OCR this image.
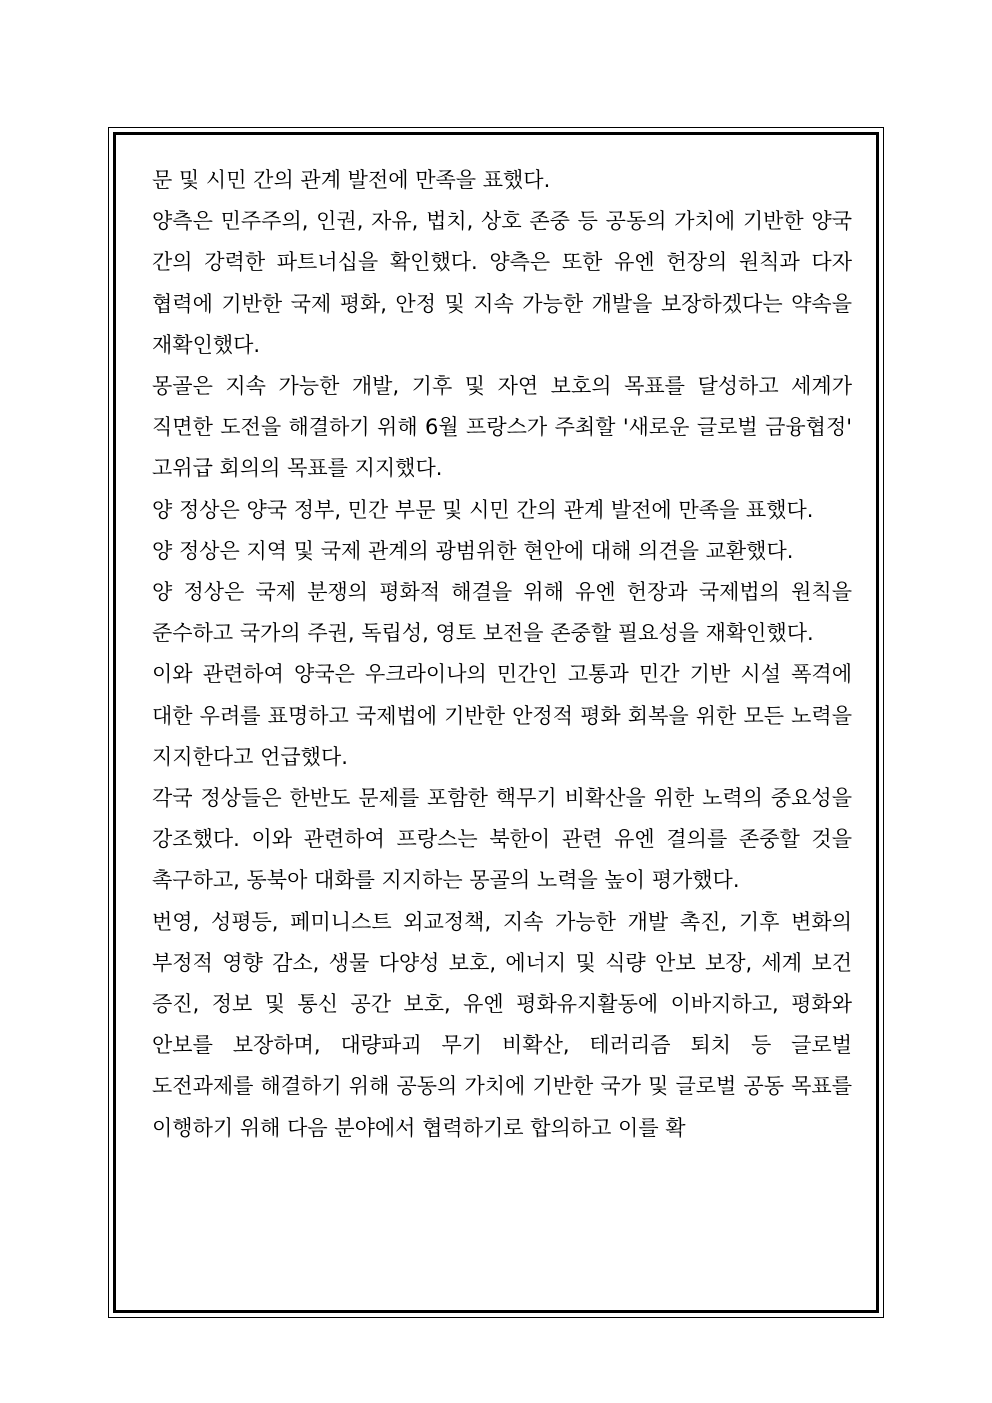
문 및 시민 간의 관계 발전에 만족을 표했다.

양측은 민주주의, 인권, 자유, 법치, 상호 존중 등 공동의 가치에 기반한 양국 간의 강력한 파트너십을 확인했다. 양측은 또한 유엔 헌장의 원칙과 다자 협력에 기반한 국제 평화, 안정 및 지속 가능한 개발을 보장하겠다는 약속을 재확인했다.

몽골은 지속 가능한 개발, 기후 및 자연 보호의 목표를 달성하고 세계가 직면한 도전을 해결하기 위해 6월 프랑스가 주최할 '새로운 글로벌 금융협정' 고위급 회의의 목표를 지지했다.

양 정상은 양국 정부, 민간 부문 및 시민 간의 관계 발전에 만족을 표했다.

양 정상은 지역 및 국제 관계의 광범위한 현안에 대해 의견을 교환했다.

양 정상은 국제 분쟁의 평화적 해결을 위해 유엔 헌장과 국제법의 원칙을 준수하고 국가의 주권, 독립성, 영토 보전을 존중할 필요성을 재확인했다.

이와 관련하여 양국은 우크라이나의 민간인 고통과 민간 기반 시설 폭격에 대한 우려를 표명하고 국제법에 기반한 안정적 평화 회복을 위한 모든 노력을 지지한다고 언급했다.

각국 정상들은 한반도 문제를 포함한 핵무기 비확산을 위한 노력의 중요성을 강조했다. 이와 관련하여 프랑스는 북한이 관련 유엔 결의를 존중할 것을 촉구하고, 동북아 대화를 지지하는 몽골의 노력을 높이 평가했다.

번영, 성평등, 페미니스트 외교정책, 지속 가능한 개발 촉진, 기후 변화의 부정적 영향 감소, 생물 다양성 보호, 에너지 및 식량 안보 보장, 세계 보건 증진, 정보 및 통신 공간 보호, 유엔 평화유지활동에 이바지하고, 평화와 안보를 보장하며, 대량파괴 무기 비확산, 테러리즘 퇴치 등 글로벌 도전과제를 해결하기 위해 공동의 가치에 기반한 국가 및 글로벌 공동 목표를 이행하기 위해 다음 분야에서 협력하기로 합의하고 이를 확
